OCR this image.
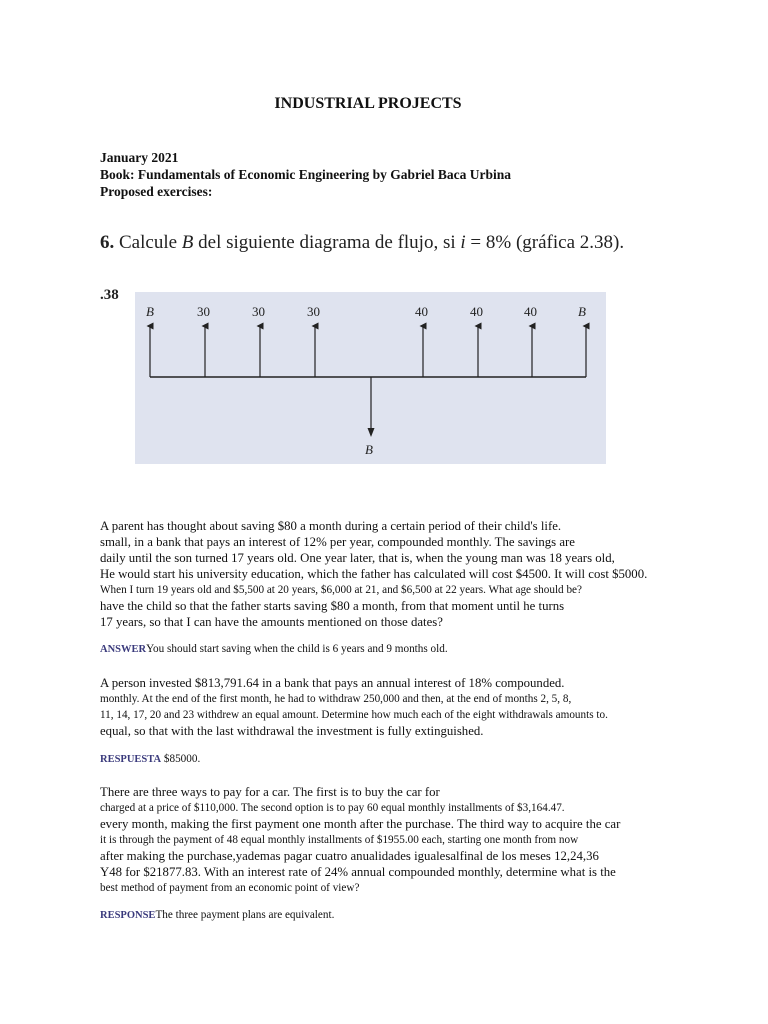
INDUSTRIAL PROJECTS
January 2021
Book: Fundamentals of Economic Engineering by Gabriel Baca Urbina
Proposed exercises:
6. Calcule B del siguiente diagrama de flujo, si i = 8% (gráfica 2.38).
.38
B	30	30	30	40	40	40	B
B
A parent has thought about saving $80 a month during a certain period of their child's life.
small, in a bank that pays an interest of 12% per year, compounded monthly. The savings are
daily until the son turned 17 years old. One year later, that is, when the young man was 18 years old,
He would start his university education, which the father has calculated will cost $4500. It will cost $5000.
When I turn 19 years old and $5,500 at 20 years, $6,000 at 21, and $6,500 at 22 years. What age should be?
have the child so that the father starts saving $80 a month, from that moment until he turns
17 years, so that I can have the amounts mentioned on those dates?
ANSWERYou should start saving when the child is 6 years and 9 months old.
A person invested $813,791.64 in a bank that pays an annual interest of 18% compounded.
monthly. At the end of the first month, he had to withdraw 250,000 and then, at the end of months 2, 5, 8,
11, 14, 17, 20 and 23 withdrew an equal amount. Determine how much each of the eight withdrawals amounts to.
equal, so that with the last withdrawal the investment is fully extinguished.
RESPUESTA $85000.
There are three ways to pay for a car. The first is to buy the car for
charged at a price of $110,000. The second option is to pay 60 equal monthly installments of $3,164.47.
every month, making the first payment one month after the purchase. The third way to acquire the car
it is through the payment of 48 equal monthly installments of $1955.00 each, starting one month from now
after making the purchase,yademas pagar cuatro anualidades igualesalfinal de los meses 12,24,36
Y48 for $21877.83. With an interest rate of 24% annual compounded monthly, determine what is the
best method of payment from an economic point of view?
RESPONSEThe three payment plans are equivalent.
